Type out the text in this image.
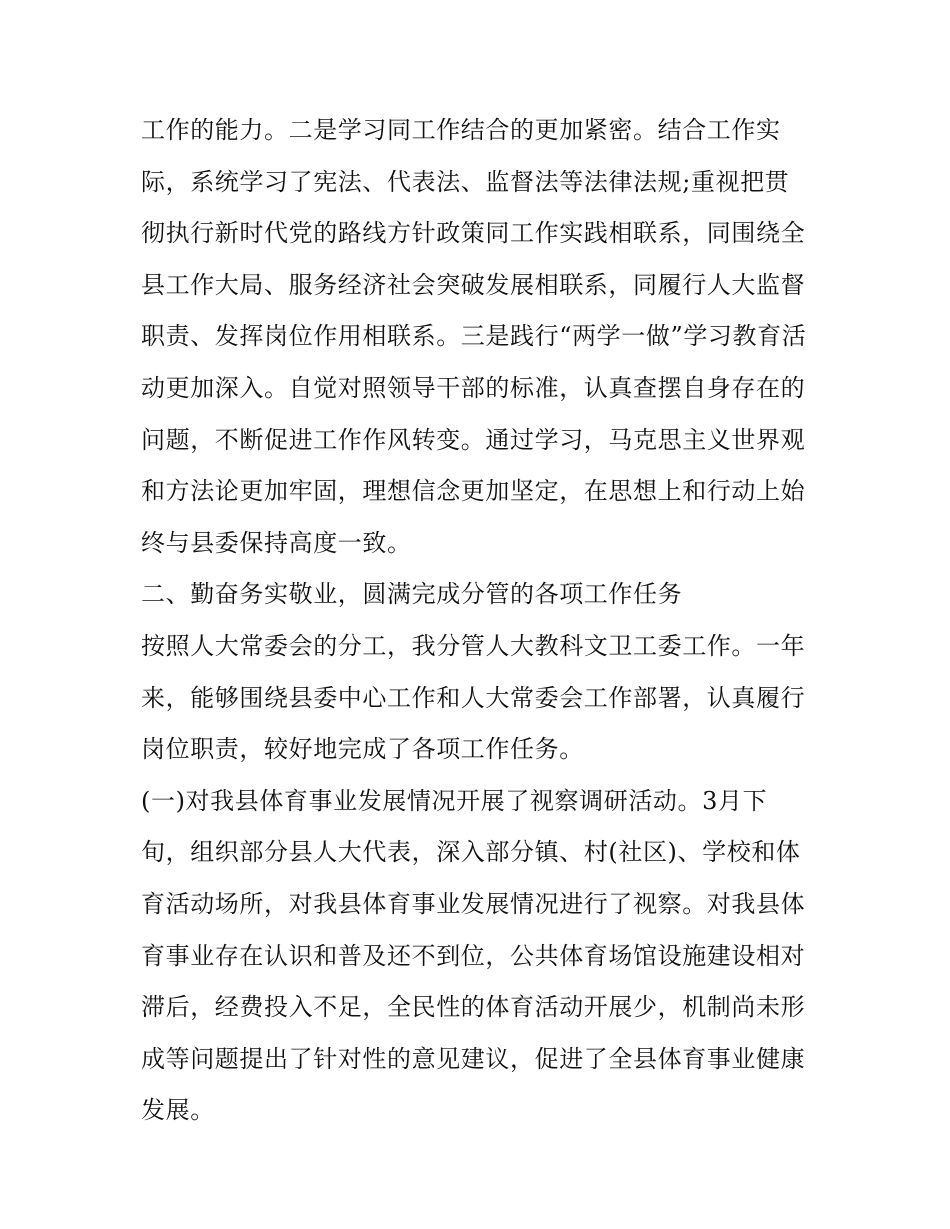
工作的能力。二是学习同工作结合的更加紧密。结合工作实
际，系统学习了宪法、代表法、监督法等法律法规;重视把贯
彻执行新时代党的路线方针政策同工作实践相联系，同围绕全
县工作大局、服务经济社会突破发展相联系，同履行人大监督
职责、发挥岗位作用相联系。三是践行“两学一做”学习教育活
动更加深入。自觉对照领导干部的标准，认真查摆自身存在的
问题，不断促进工作作风转变。通过学习，马克思主义世界观
和方法论更加牢固，理想信念更加坚定，在思想上和行动上始
终与县委保持高度一致。
二、勤奋务实敬业，圆满完成分管的各项工作任务
按照人大常委会的分工，我分管人大教科文卫工委工作。一年
来，能够围绕县委中心工作和人大常委会工作部署，认真履行
岗位职责，较好地完成了各项工作任务。
(一)对我县体育事业发展情况开展了视察调研活动。3月下
旬，组织部分县人大代表，深入部分镇、村(社区)、学校和体
育活动场所，对我县体育事业发展情况进行了视察。对我县体
育事业存在认识和普及还不到位，公共体育场馆设施建设相对
滞后，经费投入不足，全民性的体育活动开展少，机制尚未形
成等问题提出了针对性的意见建议，促进了全县体育事业健康
发展。
